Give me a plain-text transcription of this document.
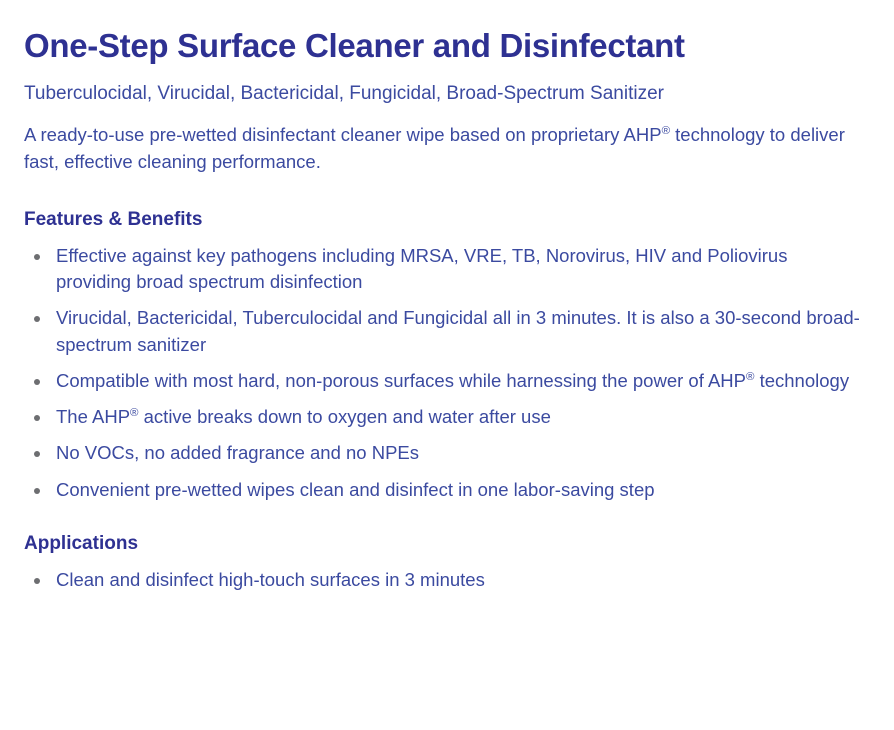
One-Step Surface Cleaner and Disinfectant
Tuberculocidal, Virucidal, Bactericidal, Fungicidal, Broad-Spectrum Sanitizer

A ready-to-use pre-wetted disinfectant cleaner wipe based on proprietary AHP® technology to deliver fast, effective cleaning performance.

Features & Benefits
Effective against key pathogens including MRSA, VRE, TB, Norovirus, HIV and Poliovirus providing broad spectrum disinfection
Virucidal, Bactericidal, Tuberculocidal and Fungicidal all in 3 minutes. It is also a 30-second broad-spectrum sanitizer
Compatible with most hard, non-porous surfaces while harnessing the power of AHP® technology
The AHP® active breaks down to oxygen and water after use
No VOCs, no added fragrance and no NPEs
Convenient pre-wetted wipes clean and disinfect in one labor-saving step
Applications
Clean and disinfect high-touch surfaces in 3 minutes
